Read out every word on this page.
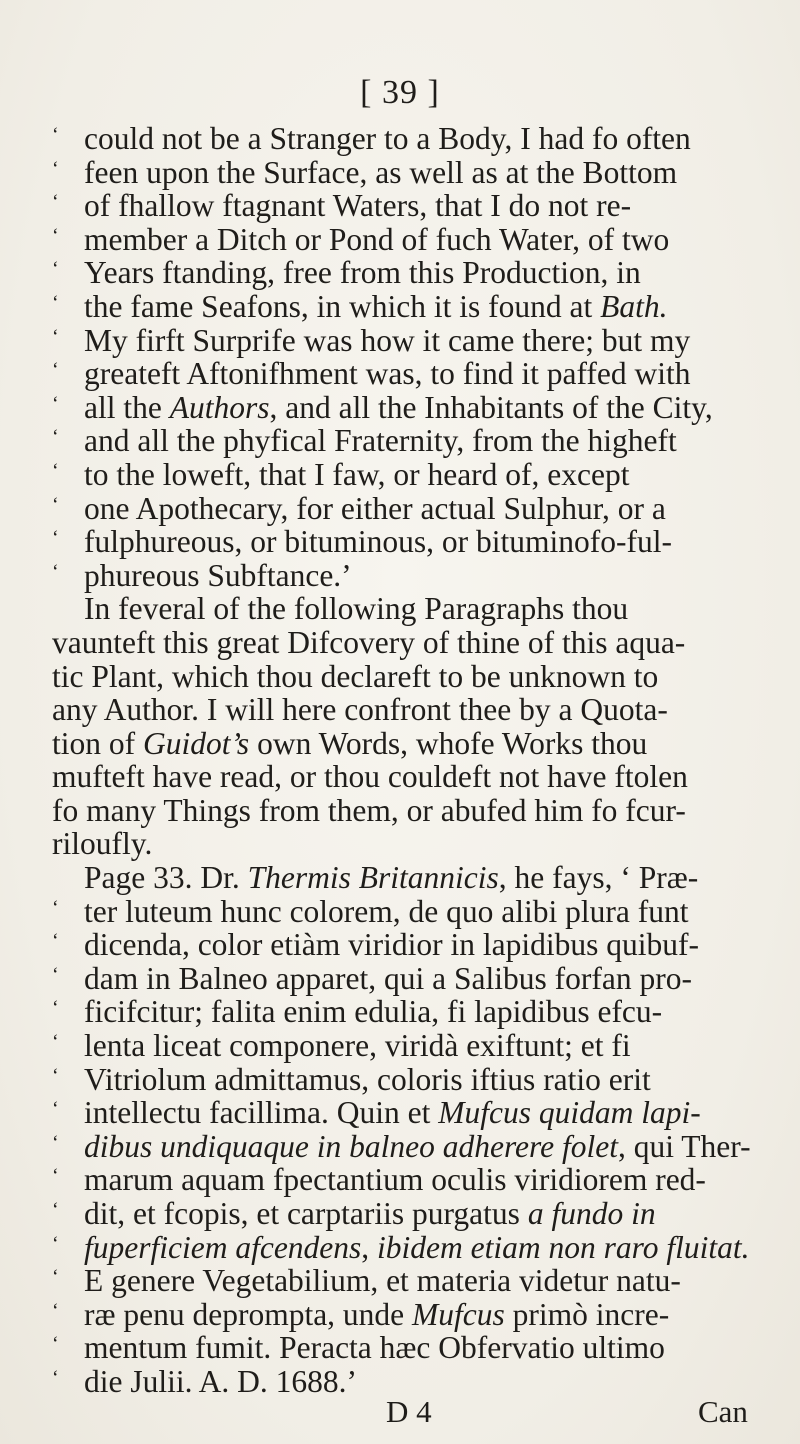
[ 39 ]
‘ could not be a Stranger to a Body, I had fo often
‘ feen upon the Surface, as well as at the Bottom
‘ of fhallow ftagnant Waters, that I do not re-
‘ member a Ditch or Pond of fuch Water, of two
‘ Years ftanding, free from this Production, in
‘ the fame Seafons, in which it is found at Bath.
‘ My firft Surprife was how it came there; but my
‘ greateft Aftonifhment was, to find it paffed with
‘ all the Authors, and all the Inhabitants of the City,
‘ and all the phyfical Fraternity, from the higheft
‘ to the loweft, that I faw, or heard of, except
‘ one Apothecary, for either actual Sulphur, or a
‘ fulphureous, or bituminous, or bituminofo-ful-
‘ phureous Subftance.’
In feveral of the following Paragraphs thou
vaunteft this great Difcovery of thine of this aqua-
tic Plant, which thou declareft to be unknown to
any Author. I will here confront thee by a Quota-
tion of Guidot’s own Words, whofe Works thou
mufteft have read, or thou couldeft not have ftolen
fo many Things from them, or abufed him fo fcur-
riloufly.
Page 33. Dr. Thermis Britannicis, he fays, ‘ Præ-
‘ ter luteum hunc colorem, de quo alibi plura funt
‘ dicenda, color etiàm viridior in lapidibus quibuf-
‘ dam in Balneo apparet, qui a Salibus forfan pro-
‘ ficifcitur; falita enim edulia, fi lapidibus efcu-
‘ lenta liceat componere, viridà exiftunt; et fi
‘ Vitriolum admittamus, coloris iftius ratio erit
‘ intellectu facillima. Quin et Mufcus quidam lapi-
‘ dibus undiquaque in balneo adherere folet, qui Ther-
‘ marum aquam fpectantium oculis viridiorem red-
‘ dit, et fcopis, et carptariis purgatus a fundo in
‘ fuperficiem afcendens, ibidem etiam non raro fluitat.
‘ E genere Vegetabilium, et materia videtur natu-
‘ ræ penu deprompta, unde Mufcus primò incre-
‘ mentum fumit. Peracta hæc Obfervatio ultimo
‘ die Julii. A. D. 1688.’
D 4	Can
